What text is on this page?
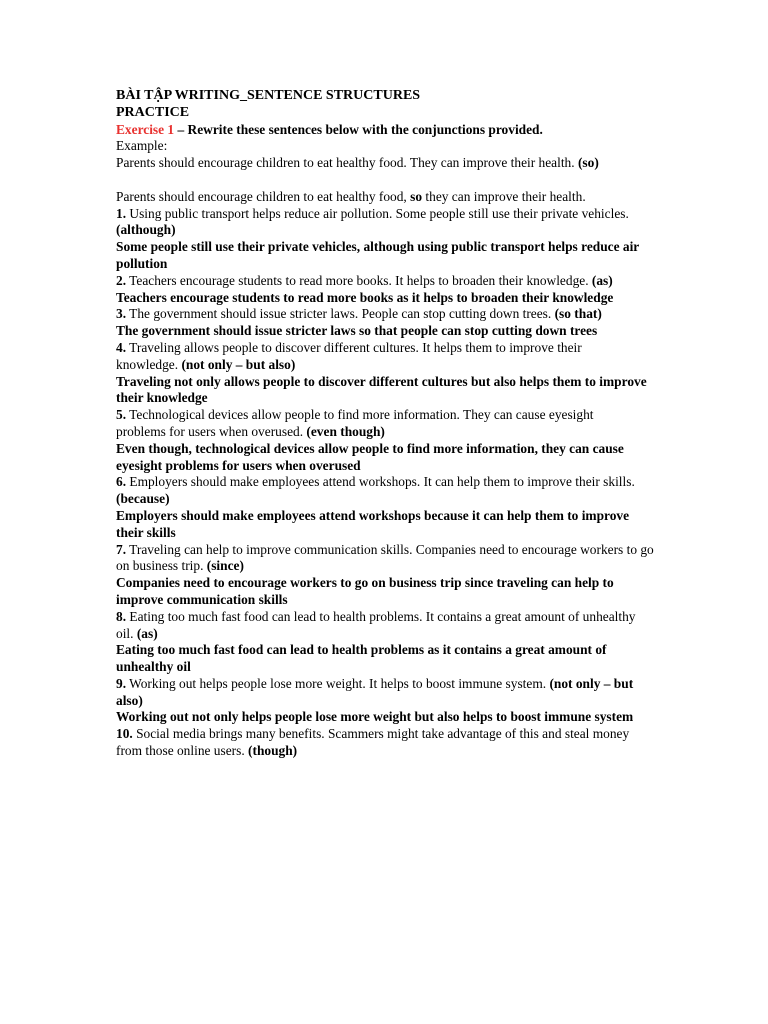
BÀI TẬP WRITING_SENTENCE STRUCTURES

PRACTICE

Exercise 1 – Rewrite these sentences below with the conjunctions provided.

Example:

Parents should encourage children to eat healthy food. They can improve their health. (so)

Parents should encourage children to eat healthy food, so they can improve their health.

1. Using public transport helps reduce air pollution. Some people still use their private vehicles. (although)

Some people still use their private vehicles, although using public transport helps reduce air pollution

2. Teachers encourage students to read more books. It helps to broaden their knowledge. (as)

Teachers encourage students to read more books as it helps to broaden their knowledge

3. The government should issue stricter laws. People can stop cutting down trees. (so that)

The government should issue stricter laws so that people can stop cutting down trees

4. Traveling allows people to discover different cultures. It helps them to improve their

knowledge. (not only – but also)

Traveling not only allows people to discover different cultures but also helps them to improve their knowledge

5. Technological devices allow people to find more information. They can cause eyesight

problems for users when overused. (even though)

Even though, technological devices allow people to find more information, they can cause eyesight problems for users when overused

6. Employers should make employees attend workshops. It can help them to improve their skills. (because)

Employers should make employees attend workshops because it can help them to improve their skills

7. Traveling can help to improve communication skills. Companies need to encourage workers to go on business trip. (since)

Companies need to encourage workers to go on business trip since traveling can help to improve communication skills

8. Eating too much fast food can lead to health problems. It contains a great amount of unhealthy oil. (as)

Eating too much fast food can lead to health problems as it contains a great amount of unhealthy oil

9. Working out helps people lose more weight. It helps to boost immune system. (not only – but also)

Working out not only helps people lose more weight but also helps to boost immune system

10. Social media brings many benefits. Scammers might take advantage of this and steal money from those online users. (though)
